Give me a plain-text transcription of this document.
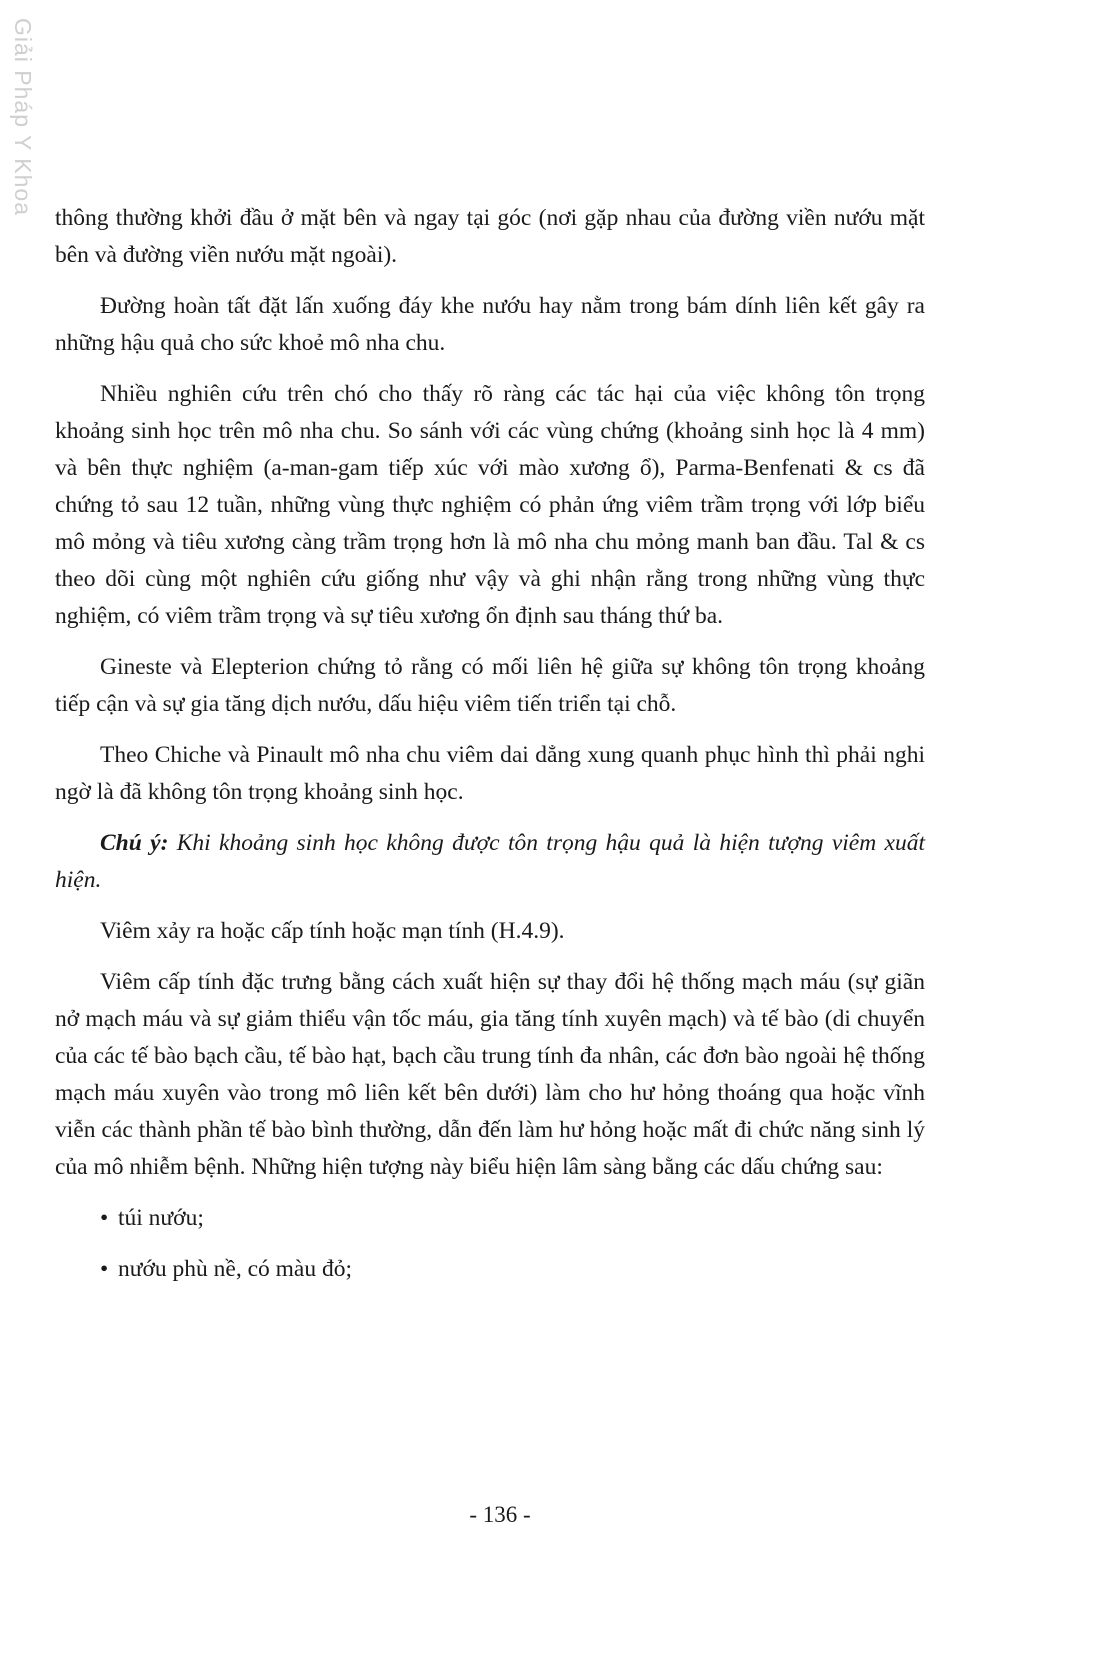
Giải Pháp Y Khoa

thông thường khởi đầu ở mặt bên và ngay tại góc (nơi gặp nhau của đường viền nướu mặt bên và đường viền nướu mặt ngoài).

Đường hoàn tất đặt lấn xuống đáy khe nướu hay nằm trong bám dính liên kết gây ra những hậu quả cho sức khoẻ mô nha chu.

Nhiều nghiên cứu trên chó cho thấy rõ ràng các tác hại của việc không tôn trọng khoảng sinh học trên mô nha chu. So sánh với các vùng chứng (khoảng sinh học là 4 mm) và bên thực nghiệm (a-man-gam tiếp xúc với mào xương ổ), Parma-Benfenati & cs đã chứng tỏ sau 12 tuần, những vùng thực nghiệm có phản ứng viêm trầm trọng với lớp biểu mô mỏng và tiêu xương càng trầm trọng hơn là mô nha chu mỏng manh ban đầu. Tal & cs theo dõi cùng một nghiên cứu giống như vậy và ghi nhận rằng trong những vùng thực nghiệm, có viêm trầm trọng và sự tiêu xương ổn định sau tháng thứ ba.

Gineste và Elepterion chứng tỏ rằng có mối liên hệ giữa sự không tôn trọng khoảng tiếp cận và sự gia tăng dịch nướu, dấu hiệu viêm tiến triển tại chỗ.

Theo Chiche và Pinault mô nha chu viêm dai dẳng xung quanh phục hình thì phải nghi ngờ là đã không tôn trọng khoảng sinh học.

Chú ý: Khi khoảng sinh học không được tôn trọng hậu quả là hiện tượng viêm xuất hiện.

Viêm xảy ra hoặc cấp tính hoặc mạn tính (H.4.9).

Viêm cấp tính đặc trưng bằng cách xuất hiện sự thay đổi hệ thống mạch máu (sự giãn nở mạch máu và sự giảm thiểu vận tốc máu, gia tăng tính xuyên mạch) và tế bào (di chuyển của các tế bào bạch cầu, tế bào hạt, bạch cầu trung tính đa nhân, các đơn bào ngoài hệ thống mạch máu xuyên vào trong mô liên kết bên dưới) làm cho hư hỏng thoáng qua hoặc vĩnh viễn các thành phần tế bào bình thường, dẫn đến làm hư hỏng hoặc mất đi chức năng sinh lý của mô nhiễm bệnh. Những hiện tượng này biểu hiện lâm sàng bằng các dấu chứng sau:

• túi nướu;
• nướu phù nề, có màu đỏ;
- 136 -
